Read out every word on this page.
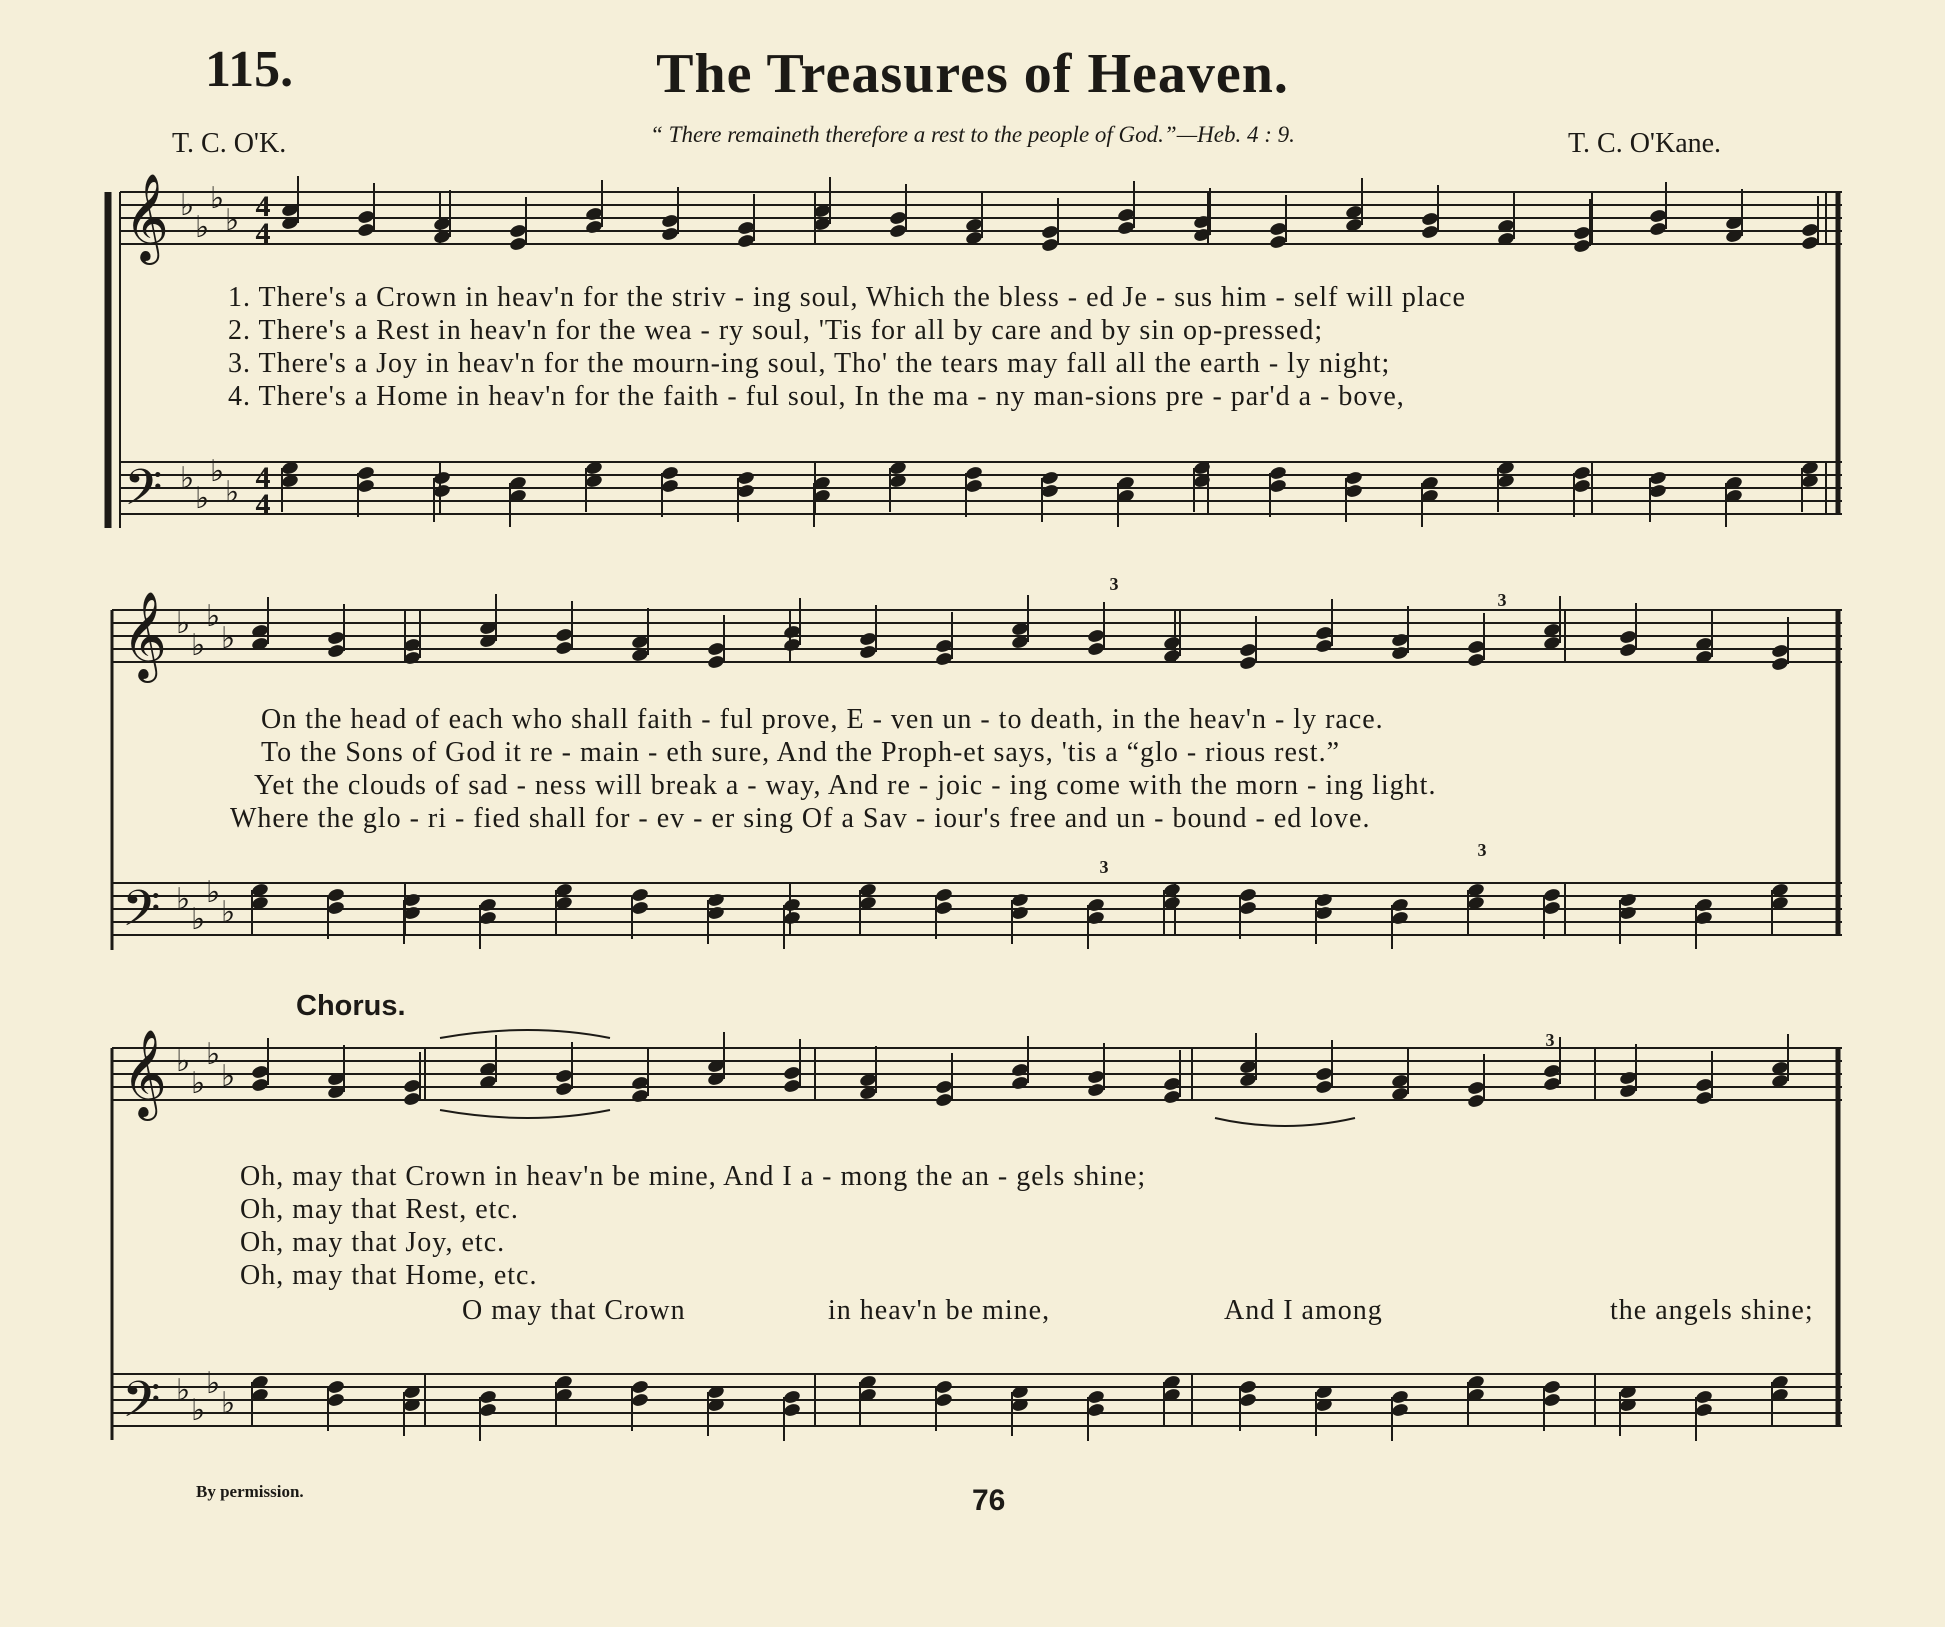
115.	The Treasures of Heaven.
T. C. O'K.	“ There remaineth therefore a rest to the people of God.”—Heb. 4 : 9.	T. C. O'Kane.
𝄞
𝄢
𝄞
𝄢
𝄞
𝄢
♭
♭
♭
♭
♭
♭
♭
♭
♭
♭
♭
♭
♭
♭
♭
♭
♭
♭
♭
♭
♭
♭
♭
♭
4
4
4
4
3
3
3
3
3
1. There's a Crown in heav'n for the striv - ing soul, Which the bless - ed Je - sus him - self will place
2. There's a Rest in heav'n for the wea - ry soul, 'Tis for all by care and by sin op-pressed;
3. There's a Joy in heav'n for the mourn-ing soul, Tho' the tears may fall all the earth - ly night;
4. There's a Home in heav'n for the faith - ful soul, In the ma - ny man-sions pre - par'd a - bove,
On the head of each who shall faith - ful prove, E - ven un - to death, in the heav'n - ly race.
To the Sons of God it re - main - eth sure, And the Proph-et says, 'tis a “glo - rious rest.”
Yet the clouds of sad - ness will break a - way, And re - joic - ing come with the morn - ing light.
Where the glo - ri - fied shall for - ev - er sing Of a Sav - iour's free and un - bound - ed love.
Chorus.
Oh, may that Crown in heav'n be mine, And I a - mong the an - gels shine;
Oh, may that Rest, etc.
Oh, may that Joy, etc.
Oh, may that Home, etc.
O may that Crown	in heav'n be mine,	And I among	the angels shine;
By permission.	76
